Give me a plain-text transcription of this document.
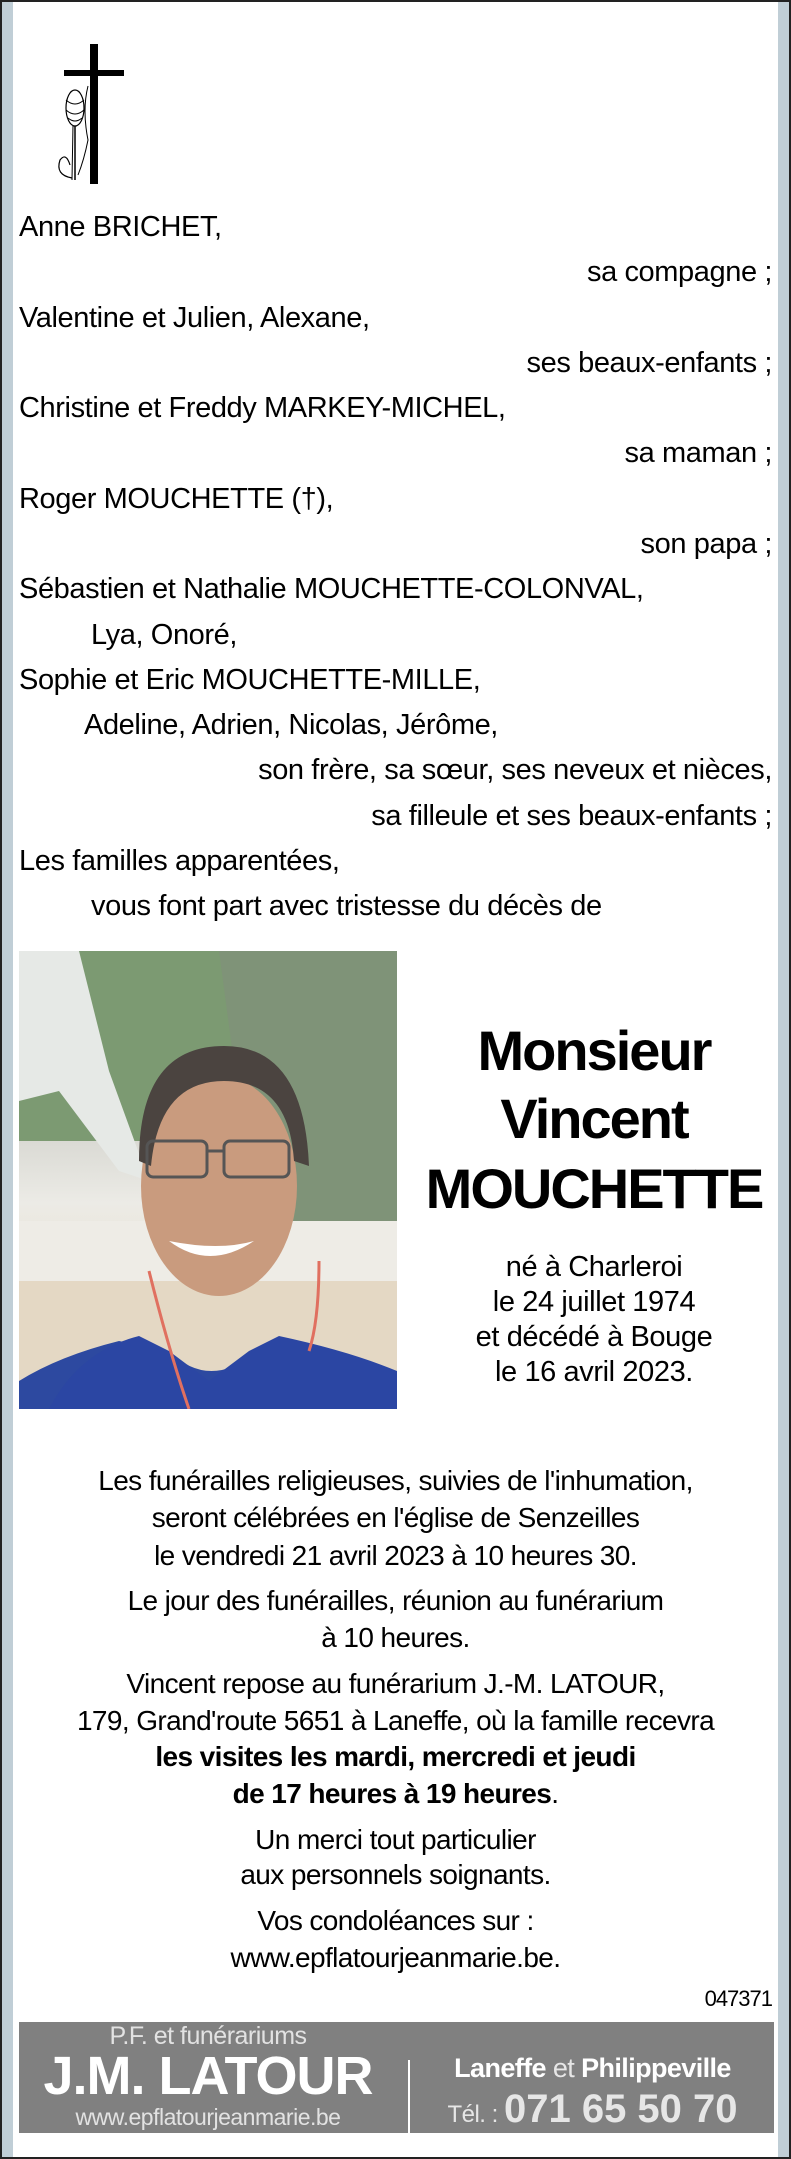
Anne BRICHET,
sa compagne ;
Valentine et Julien, Alexane,
ses beaux-enfants ;
Christine et Freddy MARKEY-MICHEL,
sa maman ;
Roger MOUCHETTE (†),
son papa ;
Sébastien et Nathalie MOUCHETTE-COLONVAL,
Lya, Onoré,
Sophie et Eric MOUCHETTE-MILLE,
Adeline, Adrien, Nicolas, Jérôme,
son frère, sa sœur, ses neveux et nièces,
sa filleule et ses beaux-enfants ;
Les familles apparentées,
vous font part avec tristesse du décès de
Monsieur
Vincent
MOUCHETTE
né à Charleroi
le 24 juillet 1974
et décédé à Bouge
le 16 avril 2023.
Les funérailles religieuses, suivies de l'inhumation,
seront célébrées en l'église de Senzeilles
le vendredi 21 avril 2023 à 10 heures 30.
Le jour des funérailles, réunion au funérarium
à 10 heures.
Vincent repose au funérarium J.-M. LATOUR,
179, Grand'route 5651 à Laneffe, où la famille recevra
les visites les mardi, mercredi et jeudi
de 17 heures à 19 heures.
Un merci tout particulier
aux personnels soignants.
Vos condoléances sur :
www.epflatourjeanmarie.be.
047371
P.F. et funérariums
J.M. LATOUR
www.epflatourjeanmarie.be
Laneffe et Philippeville
Tél. : 071 65 50 70
